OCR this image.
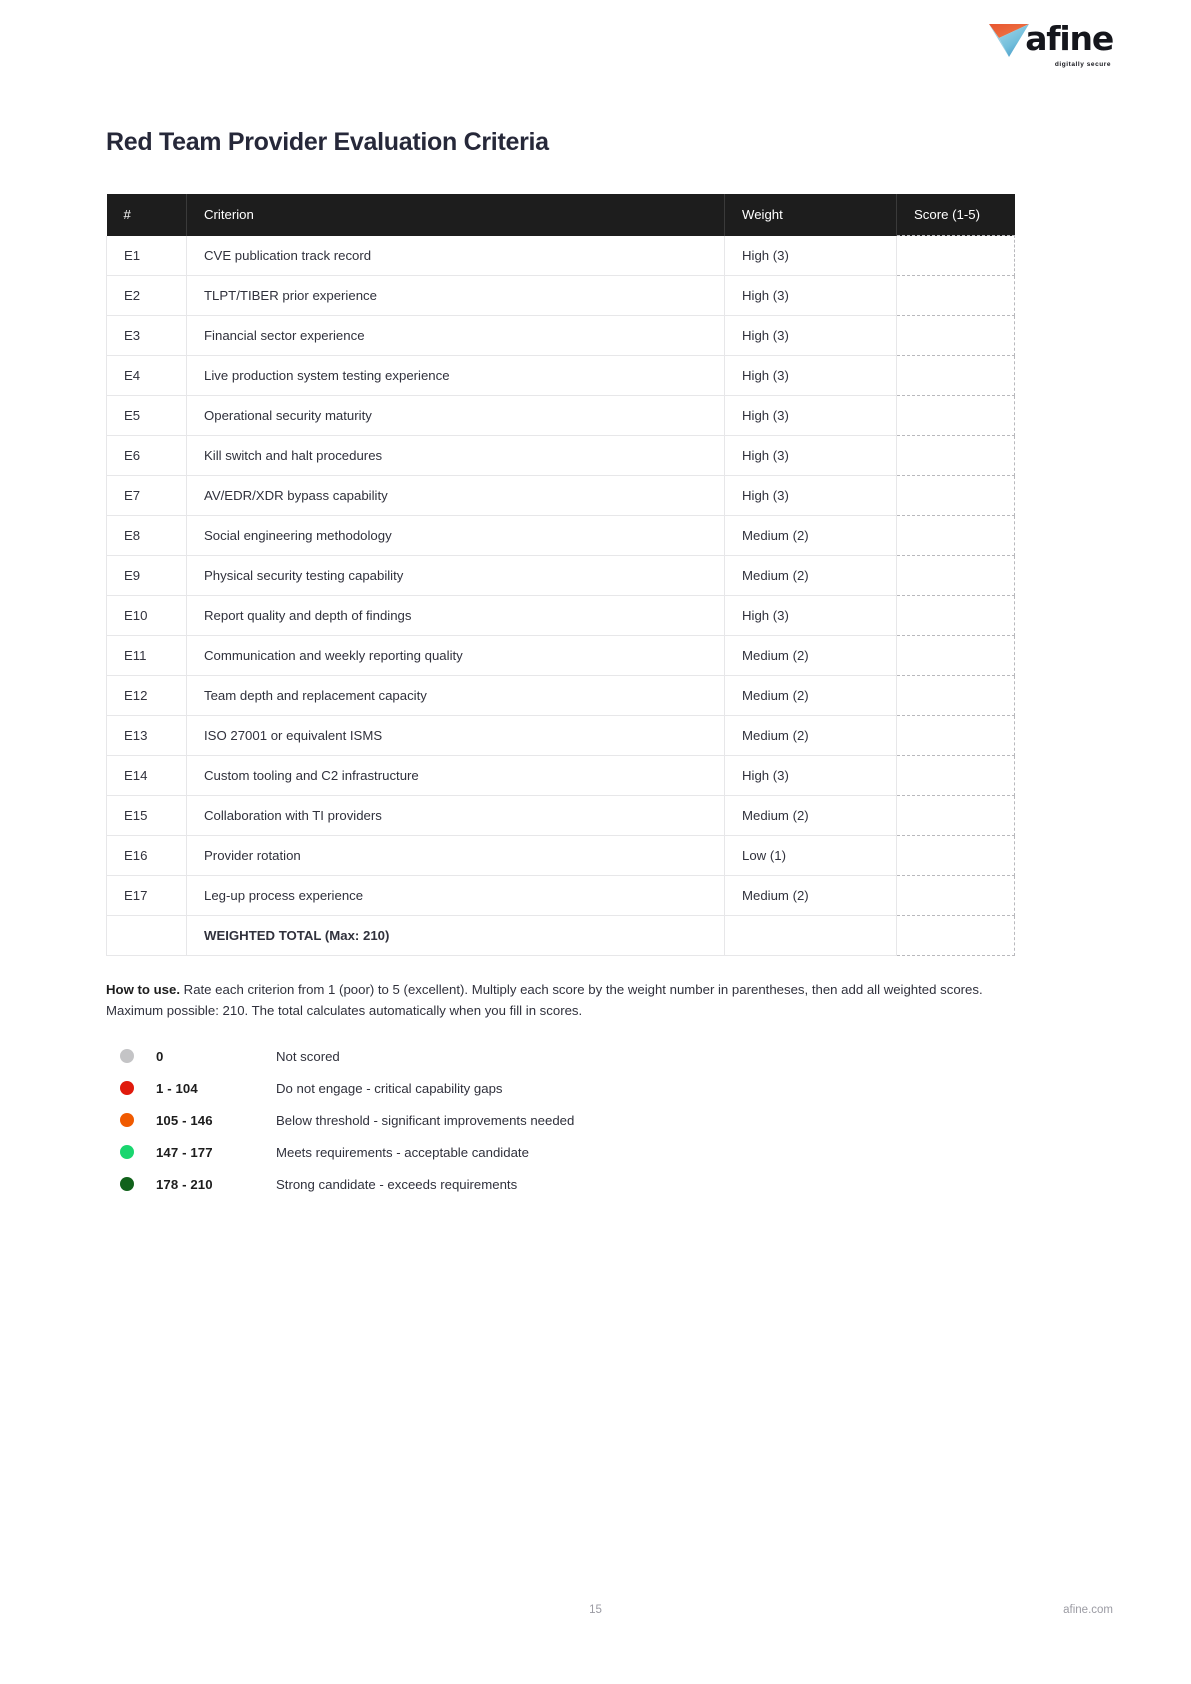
afine
digitally secure
Red Team Provider Evaluation Criteria
#	Criterion	Weight	Score (1-5)
E1	CVE publication track record	High (3)	
E2	TLPT/TIBER prior experience	High (3)	
E3	Financial sector experience	High (3)	
E4	Live production system testing experience	High (3)	
E5	Operational security maturity	High (3)	
E6	Kill switch and halt procedures	High (3)	
E7	AV/EDR/XDR bypass capability	High (3)	
E8	Social engineering methodology	Medium (2)	
E9	Physical security testing capability	Medium (2)	
E10	Report quality and depth of findings	High (3)	
E11	Communication and weekly reporting quality	Medium (2)	
E12	Team depth and replacement capacity	Medium (2)	
E13	ISO 27001 or equivalent ISMS	Medium (2)	
E14	Custom tooling and C2 infrastructure	High (3)	
E15	Collaboration with TI providers	Medium (2)	
E16	Provider rotation	Low (1)	
E17	Leg-up process experience	Medium (2)	
	WEIGHTED TOTAL (Max: 210)		

How to use. Rate each criterion from 1 (poor) to 5 (excellent). Multiply each score by the weight number in parentheses, then add all weighted scores. Maximum possible: 210. The total calculates automatically when you fill in scores.

0	Not scored
1 - 104	Do not engage - critical capability gaps
105 - 146	Below threshold - significant improvements needed
147 - 177	Meets requirements - acceptable candidate
178 - 210	Strong candidate - exceeds requirements
15	afine.com
